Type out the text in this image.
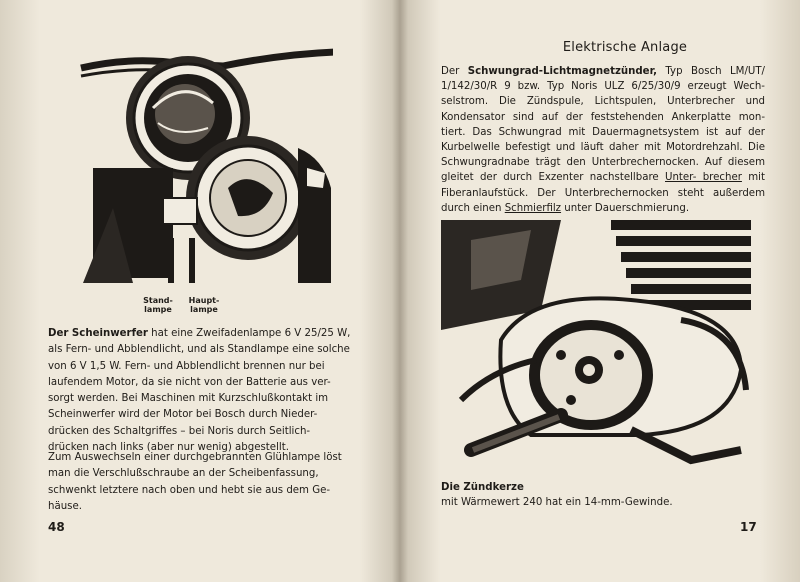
Stand-
lampe
Haupt-
lampe
Der Scheinwerfer hat eine Zweifadenlampe 6 V 25/25 W,
als Fern- und Abblendlicht, und als Standlampe eine solche
von 6 V 1,5 W. Fern- und Abblendlicht brennen nur bei
laufendem Motor, da sie nicht von der Batterie aus ver-
sorgt werden. Bei Maschinen mit Kurzschlußkontakt im
Scheinwerfer wird der Motor bei Bosch durch Nieder-
drücken des Schaltgriffes – bei Noris durch Seitlich-
drücken nach links (aber nur wenig) abgestellt.
Zum Auswechseln einer durchgebrannten Glühlampe löst
man die Verschlußschraube an der Scheibenfassung,
schwenkt letztere nach oben und hebt sie aus dem Ge-
häuse.
48
Elektrische Anlage
Der Schwungrad-Lichtmagnetzünder, Typ Bosch LM/UT/ 1/142/30/R 9 bzw. Typ Noris ULZ 6/25/30/9 erzeugt Wech- selstrom. Die Zündspule, Lichtspulen, Unterbrecher und Kondensator sind auf der feststehenden Ankerplatte mon- tiert. Das Schwungrad mit Dauermagnetsystem ist auf der Kurbelwelle befestigt und läuft daher mit Motordrehzahl. Die Schwungradnabe trägt den Unterbrechernocken. Auf diesem gleitet der durch Exzenter nachstellbare Unter- brecher mit Fiberanlaufstück. Der Unterbrechernocken steht außerdem durch einen Schmierfilz unter Dauerschmierung.
Die Zündkerze
mit Wärmewert 240 hat ein 14-mm-Gewinde.
17
